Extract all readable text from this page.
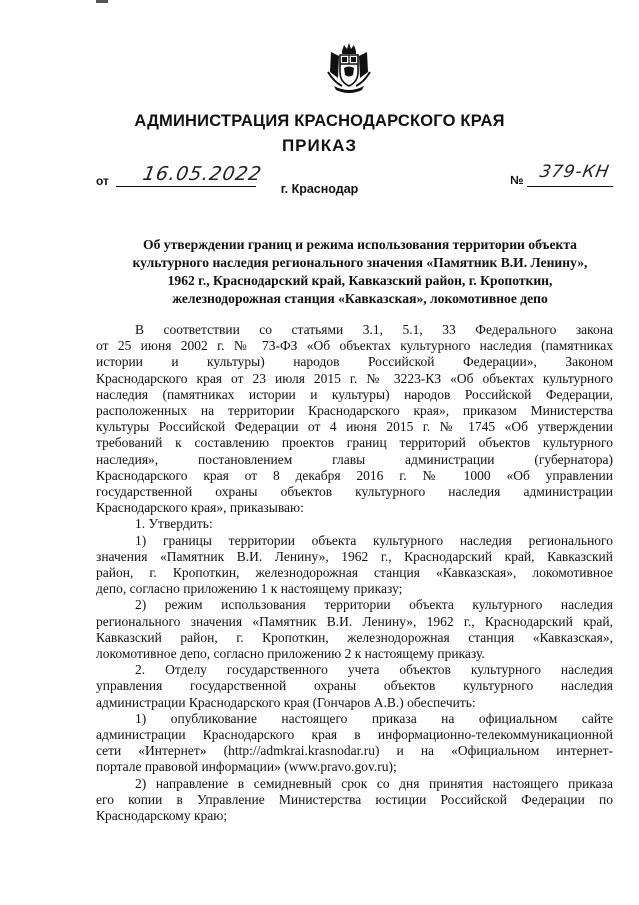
АДМИНИСТРАЦИЯ КРАСНОДАРСКОГО КРАЯ
ПРИКАЗ
от 16.05.2022	№ 379-КН
г. Краснодар
Об утверждении границ и режима использования территории объекта
культурного наследия регионального значения «Памятник В.И. Ленину»,
1962 г., Краснодарский край, Кавказский район, г. Кропоткин,
железнодорожная станция «Кавказская», локомотивное депо

В соответствии со статьями 3.1, 5.1, 33 Федерального закона
от 25 июня 2002 г. № 73-ФЗ «Об объектах культурного наследия (памятниках
истории и культуры) народов Российской Федерации», Законом
Краснодарского края от 23 июля 2015 г. № 3223-КЗ «Об объектах культурного
наследия (памятниках истории и культуры) народов Российской Федерации,
расположенных на территории Краснодарского края», приказом Министерства
культуры Российской Федерации от 4 июня 2015 г. № 1745 «Об утверждении
требований к составлению проектов границ территорий объектов культурного
наследия», постановлением главы администрации (губернатора)
Краснодарского края от 8 декабря 2016 г. № 1000 «Об управлении
государственной охраны объектов культурного наследия администрации
Краснодарского края», приказываю:

1. Утвердить:

1) границы территории объекта культурного наследия регионального
значения «Памятник В.И. Ленину», 1962 г., Краснодарский край, Кавказский
район, г. Кропоткин, железнодорожная станция «Кавказская», локомотивное
депо, согласно приложению 1 к настоящему приказу;

2) режим использования территории объекта культурного наследия
регионального значения «Памятник В.И. Ленину», 1962 г., Краснодарский край,
Кавказский район, г. Кропоткин, железнодорожная станция «Кавказская»,
локомотивное депо, согласно приложению 2 к настоящему приказу.

2. Отделу государственного учета объектов культурного наследия
управления государственной охраны объектов культурного наследия
администрации Краснодарского края (Гончаров А.В.) обеспечить:

1) опубликование настоящего приказа на официальном сайте
администрации Краснодарского края в информационно-телекоммуникационной
сети «Интернет» (http://admkrai.krasnodar.ru) и на «Официальном интернет-
портале правовой информации» (www.pravo.gov.ru);

2) направление в семидневный срок со дня принятия настоящего приказа
его копии в Управление Министерства юстиции Российской Федерации по
Краснодарскому краю;
